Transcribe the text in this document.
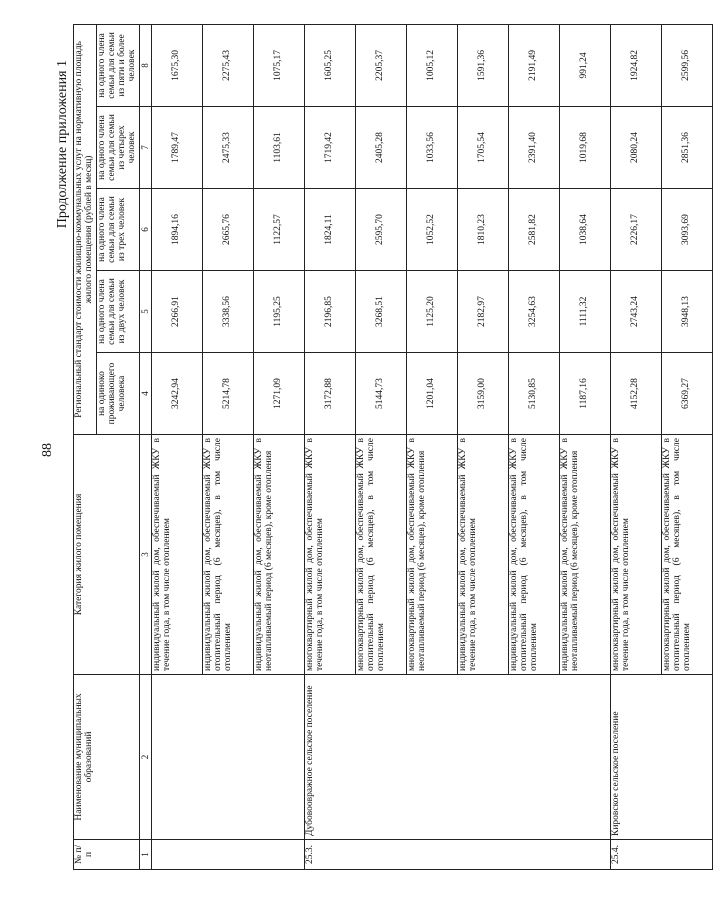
88
Продолжение приложения 1
№ п/п	Наименование муниципальных образований	Категория жилого помещения	Региональный стандарт стоимости жилищно-коммунальных услуг на нормативную площадь жилого помещения (рублей в месяц)				
			на одиноко проживающего человека	на одного члена семьи для семьи из двух человек	на одного члена семьи для семьи из трех человек	на одного члена семьи для семьи из четырех человек	на одного члена семьи для семьи из пяти и более человек
1	2	3	4	5	6	7	8
		индивидуальный жилой дом, обеспечиваемый ЖКУ в течение года, в том числе отоплением	3242,94	2266,91	1894,16	1789,47	1675,30
		индивидуальный жилой дом, обеспечиваемый ЖКУ в отопительный период (6 месяцев), в том числе отоплением	5214,78	3338,56	2665,76	2475,33	2275,43
		индивидуальный жилой дом, обеспечиваемый ЖКУ в неотапливаемый период (6 месяцев), кроме отопления	1271,09	1195,25	1122,57	1103,61	1075,17
25.3.	Дубовоовражное сельское поселение	многоквартирный жилой дом, обеспечиваемый ЖКУ в течение года, в том числе отоплением	3172,88	2196,85	1824,11	1719,42	1605,25
		многоквартирный жилой дом, обеспечиваемый ЖКУ в отопительный период (6 месяцев), в том числе отоплением	5144,73	3268,51	2595,70	2405,28	2205,37
		многоквартирный жилой дом, обеспечиваемый ЖКУ в неотапливаемый период (6 месяцев), кроме отопления	1201,04	1125,20	1052,52	1033,56	1005,12
		индивидуальный жилой дом, обеспечиваемый ЖКУ в течение года, в том числе отоплением	3159,00	2182,97	1810,23	1705,54	1591,36
		индивидуальный жилой дом, обеспечиваемый ЖКУ в отопительный период (6 месяцев), в том числе отоплением	5130,85	3254,63	2581,82	2391,40	2191,49
		индивидуальный жилой дом, обеспечиваемый ЖКУ в неотапливаемый период (6 месяцев), кроме отопления	1187,16	1111,32	1038,64	1019,68	991,24
25.4.	Кировское сельское поселение	многоквартирный жилой дом, обеспечиваемый ЖКУ в течение года, в том числе отоплением	4152,28	2743,24	2226,17	2080,24	1924,82
		многоквартирный жилой дом, обеспечиваемый ЖКУ в отопительный период (6 месяцев), в том числе отоплением	6369,27	3948,13	3093,69	2851,36	2599,56
